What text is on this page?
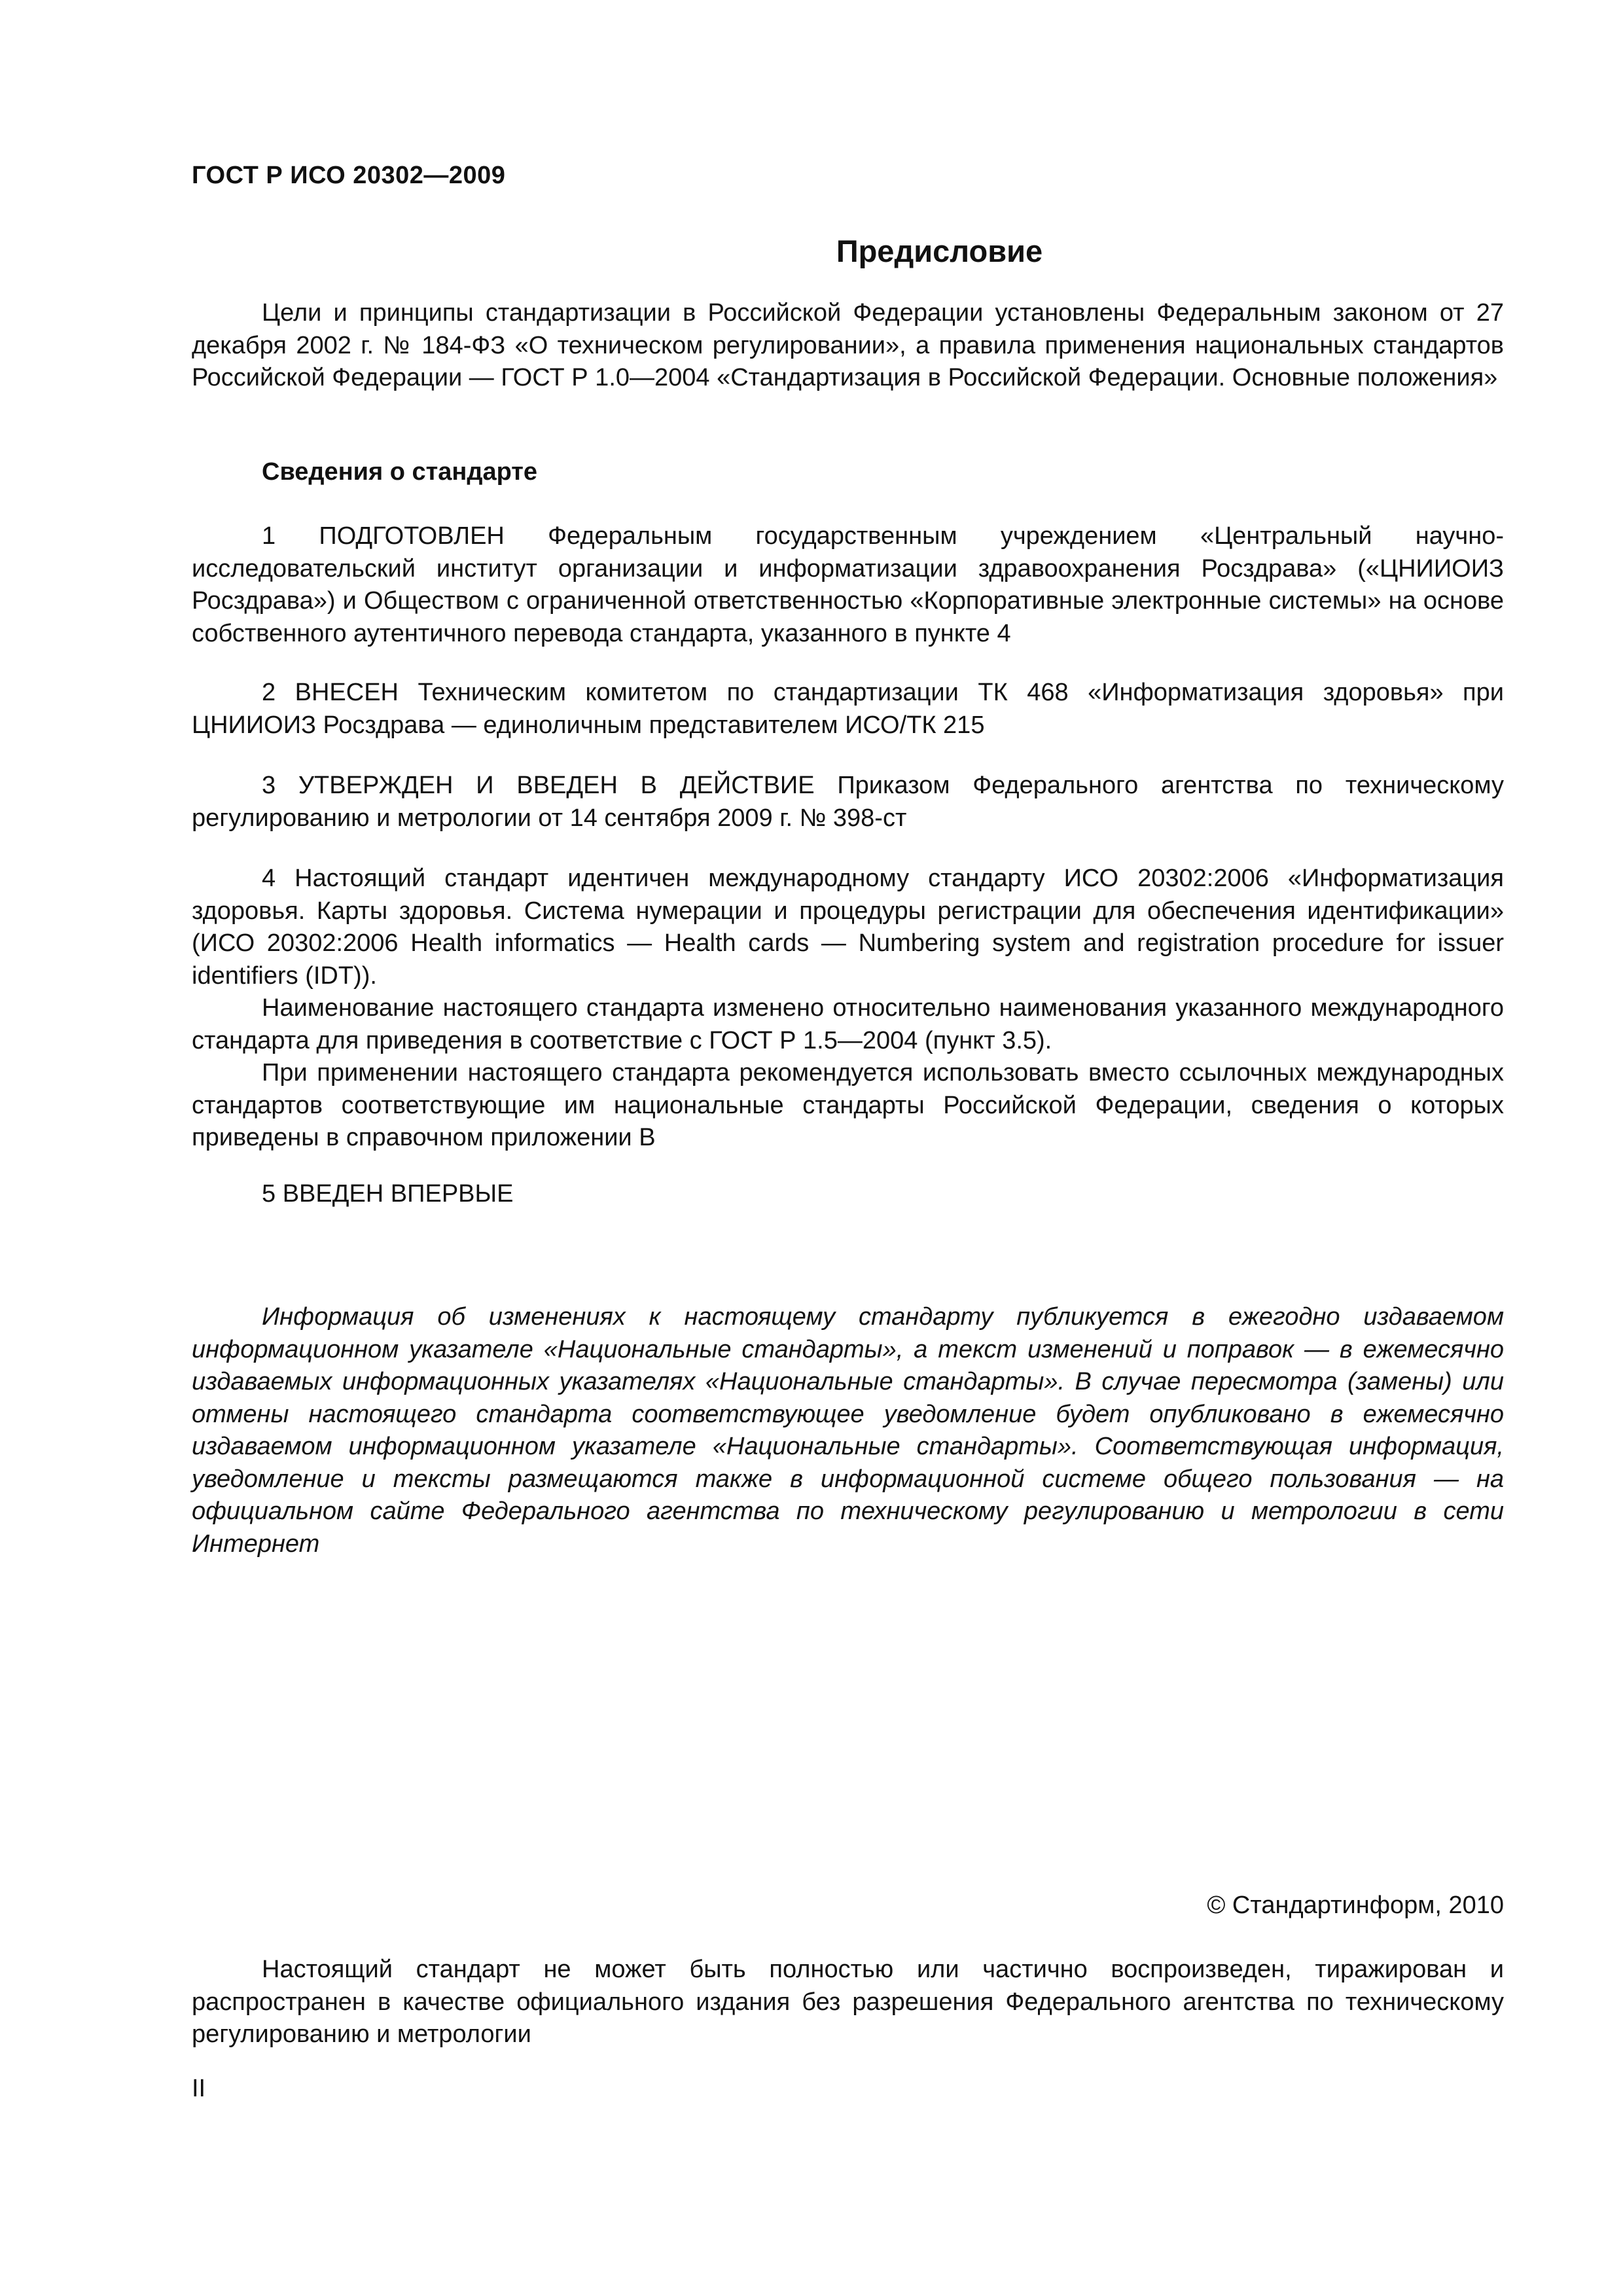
ГОСТ Р ИСО 20302—2009
Предисловие

Цели и принципы стандартизации в Российской Федерации установлены Федеральным законом от 27 декабря 2002 г. № 184-ФЗ «О техническом регулировании», а правила применения национальных стандартов Российской Федерации — ГОСТ Р 1.0—2004 «Стандартизация в Российской Федерации. Основные положения»

Сведения о стандарте

1 ПОДГОТОВЛЕН Федеральным государственным учреждением «Центральный научно-исследовательский институт организации и информатизации здравоохранения Росздрава» («ЦНИИОИЗ Росздрава») и Обществом с ограниченной ответственностью «Корпоративные электронные системы» на основе собственного аутентичного перевода стандарта, указанного в пункте 4

2 ВНЕСЕН Техническим комитетом по стандартизации ТК 468 «Информатизация здоровья» при ЦНИИОИЗ Росздрава — единоличным представителем ИСО/ТК 215

3 УТВЕРЖДЕН И ВВЕДЕН В ДЕЙСТВИЕ Приказом Федерального агентства по техническому регулированию и метрологии от 14 сентября 2009 г. № 398-ст

4 Настоящий стандарт идентичен международному стандарту ИСО 20302:2006 «Информатизация здоровья. Карты здоровья. Система нумерации и процедуры регистрации для обеспечения идентификации» (ИСО 20302:2006 Health informatics — Health cards — Numbering system and registration procedure for issuer identifiers (IDT)).

Наименование настоящего стандарта изменено относительно наименования указанного международного стандарта для приведения в соответствие с ГОСТ Р 1.5—2004 (пункт 3.5).

При применении настоящего стандарта рекомендуется использовать вместо ссылочных международных стандартов соответствующие им национальные стандарты Российской Федерации, сведения о которых приведены в справочном приложении В

5 ВВЕДЕН ВПЕРВЫЕ

Информация об изменениях к настоящему стандарту публикуется в ежегодно издаваемом информационном указателе «Национальные стандарты», а текст изменений и поправок — в ежемесячно издаваемых информационных указателях «Национальные стандарты». В случае пересмотра (замены) или отмены настоящего стандарта соответствующее уведомление будет опубликовано в ежемесячно издаваемом информационном указателе «Национальные стандарты». Соответствующая информация, уведомление и тексты размещаются также в информационной системе общего пользования — на официальном сайте Федерального агентства по техническому регулированию и метрологии в сети Интернет

© Стандартинформ, 2010

Настоящий стандарт не может быть полностью или частично воспроизведен, тиражирован и распространен в качестве официального издания без разрешения Федерального агентства по техническому регулированию и метрологии

II
